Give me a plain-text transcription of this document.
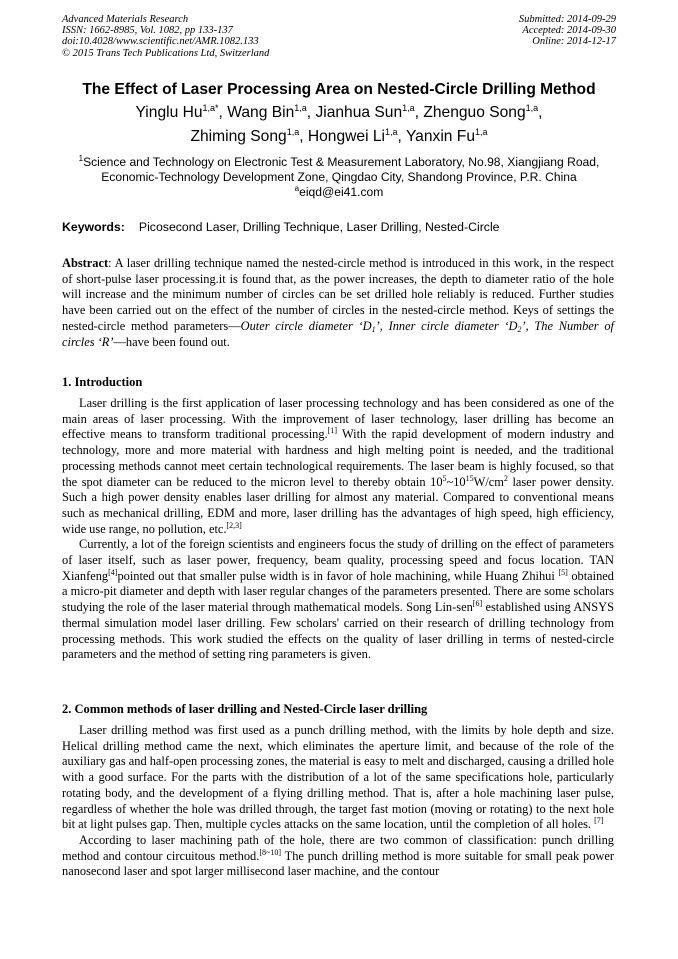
Advanced Materials Research
ISSN: 1662-8985, Vol. 1082, pp 133-137
doi:10.4028/www.scientific.net/AMR.1082.133
© 2015 Trans Tech Publications Ltd, Switzerland
Submitted: 2014-09-29
Accepted: 2014-09-30
Online: 2014-12-17
The Effect of Laser Processing Area on Nested-Circle Drilling Method
Yinglu $Hu^{1,a*}$, Wang Bin$^{1,a}$, Jianhua Sun$^{1,a}$, Zhenguo Song$^{1,a}$,
Zhiming Song$^{1,a}$, Hongwei Li$^{1,a}$, Yanxin Fu$^{1,a}$
$^1$Science and Technology on Electronic Test & Measurement Laboratory, No.98, Xiangjiang Road,
Economic-Technology Development Zone, Qingdao City, Shandong Province, P.R. China
$^a$eiqd@ei41.com
Keywords: Picosecond Laser, Drilling Technique, Laser Drilling, Nested-Circle

Abstract: A laser drilling technique named the nested-circle method is introduced in this work, in the respect of short-pulse laser processing.it is found that, as the power increases, the depth to diameter ratio of the hole will increase and the minimum number of circles can be set drilled hole reliably is reduced. Further studies have been carried out on the effect of the number of circles in the nested-circle method. Keys of settings the nested-circle method parameters—Outer circle diameter ‘$D_1$’, Inner circle diameter ‘$D_2$’, The Number of circles ‘R’—have been found out.

1. Introduction

Laser drilling is the first application of laser processing technology and has been considered as one of the main areas of laser processing. With the improvement of laser technology, laser drilling has become an effective means to transform traditional processing.[1] With the rapid development of modern industry and technology, more and more material with hardness and high melting point is needed, and the traditional processing methods cannot meet certain technological requirements. The laser beam is highly focused, so that the spot diameter can be reduced to the micron level to thereby obtain $10^5\sim 10^{15}W/cm^2$ laser power density. Such a high power density enables laser drilling for almost any material. Compared to conventional means such as mechanical drilling, EDM and more, laser drilling has the advantages of high speed, high efficiency, wide use range, no pollution, etc.[2,3]

Currently, a lot of the foreign scientists and engineers focus the study of drilling on the effect of parameters of laser itself, such as laser power, frequency, beam quality, processing speed and focus location. TAN Xianfeng[4]pointed out that smaller pulse width is in favor of hole machining, while Huang Zhihui [5] obtained a micro-pit diameter and depth with laser regular changes of the parameters presented. There are some scholars studying the role of the laser material through mathematical models. Song Lin-sen[6] established using ANSYS thermal simulation model laser drilling. Few scholars' carried on their research of drilling technology from processing methods. This work studied the effects on the quality of laser drilling in terms of nested-circle parameters and the method of setting ring parameters is given.

2. Common methods of laser drilling and Nested-Circle laser drilling

Laser drilling method was first used as a punch drilling method, with the limits by hole depth and size. Helical drilling method came the next, which eliminates the aperture limit, and because of the role of the auxiliary gas and half-open processing zones, the material is easy to melt and discharged, causing a drilled hole with a good surface. For the parts with the distribution of a lot of the same specifications hole, particularly rotating body, and the development of a flying drilling method. That is, after a hole machining laser pulse, regardless of whether the hole was drilled through, the target fast motion (moving or rotating) to the next hole bit at light pulses gap. Then, multiple cycles attacks on the same location, until the completion of all holes. [7]

According to laser machining path of the hole, there are two common of classification: punch drilling method and contour circuitous method.[8~10] The punch drilling method is more suitable for small peak power nanosecond laser and spot larger millisecond laser machine, and the contour
